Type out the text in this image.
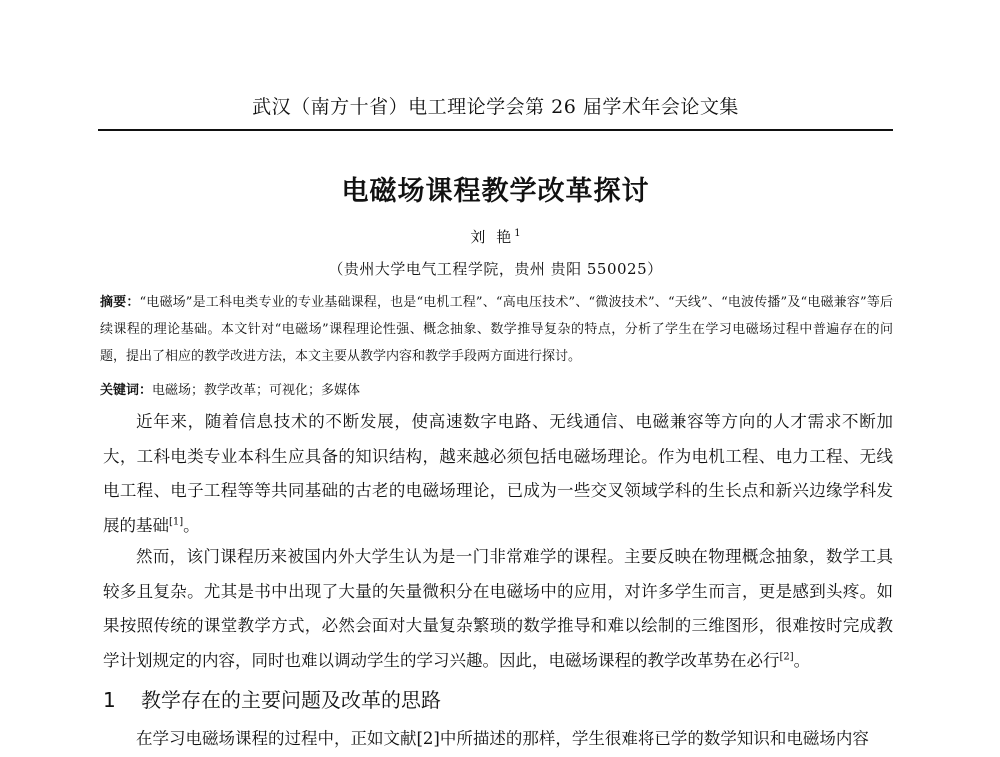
武汉（南方十省）电工理论学会第 26 届学术年会论文集
电磁场课程教学改革探讨
刘 艳$^1$
（贵州大学电气工程学院，贵州 贵阳 550025）
摘要：“电磁场”是工科电类专业的专业基础课程，也是“电机工程”、“高电压技术”、“微波技术”、“天线”、“电波传播”及“电磁兼容”等后续课程的理论基础。本文针对“电磁场”课程理论性强、概念抽象、数学推导复杂的特点，分析了学生在学习电磁场过程中普遍存在的问题，提出了相应的教学改进方法，本文主要从教学内容和教学手段两方面进行探讨。
关键词：电磁场；教学改革；可视化；多媒体

近年来，随着信息技术的不断发展，使高速数字电路、无线通信、电磁兼容等方向的人才需求不断加大，工科电类专业本科生应具备的知识结构，越来越必须包括电磁场理论。作为电机工程、电力工程、无线电工程、电子工程等等共同基础的古老的电磁场理论，已成为一些交叉领域学科的生长点和新兴边缘学科发展的基础[1]。

然而，该门课程历来被国内外大学生认为是一门非常难学的课程。主要反映在物理概念抽象，数学工具较多且复杂。尤其是书中出现了大量的矢量微积分在电磁场中的应用，对许多学生而言，更是感到头疼。如果按照传统的课堂教学方式，必然会面对大量复杂繁琐的数学推导和难以绘制的三维图形，很难按时完成教学计划规定的内容，同时也难以调动学生的学习兴趣。因此，电磁场课程的教学改革势在必行[2]。

1 教学存在的主要问题及改革的思路
在学习电磁场课程的过程中，正如文献[2]中所描述的那样，学生很难将已学的数学知识和电磁场内容
